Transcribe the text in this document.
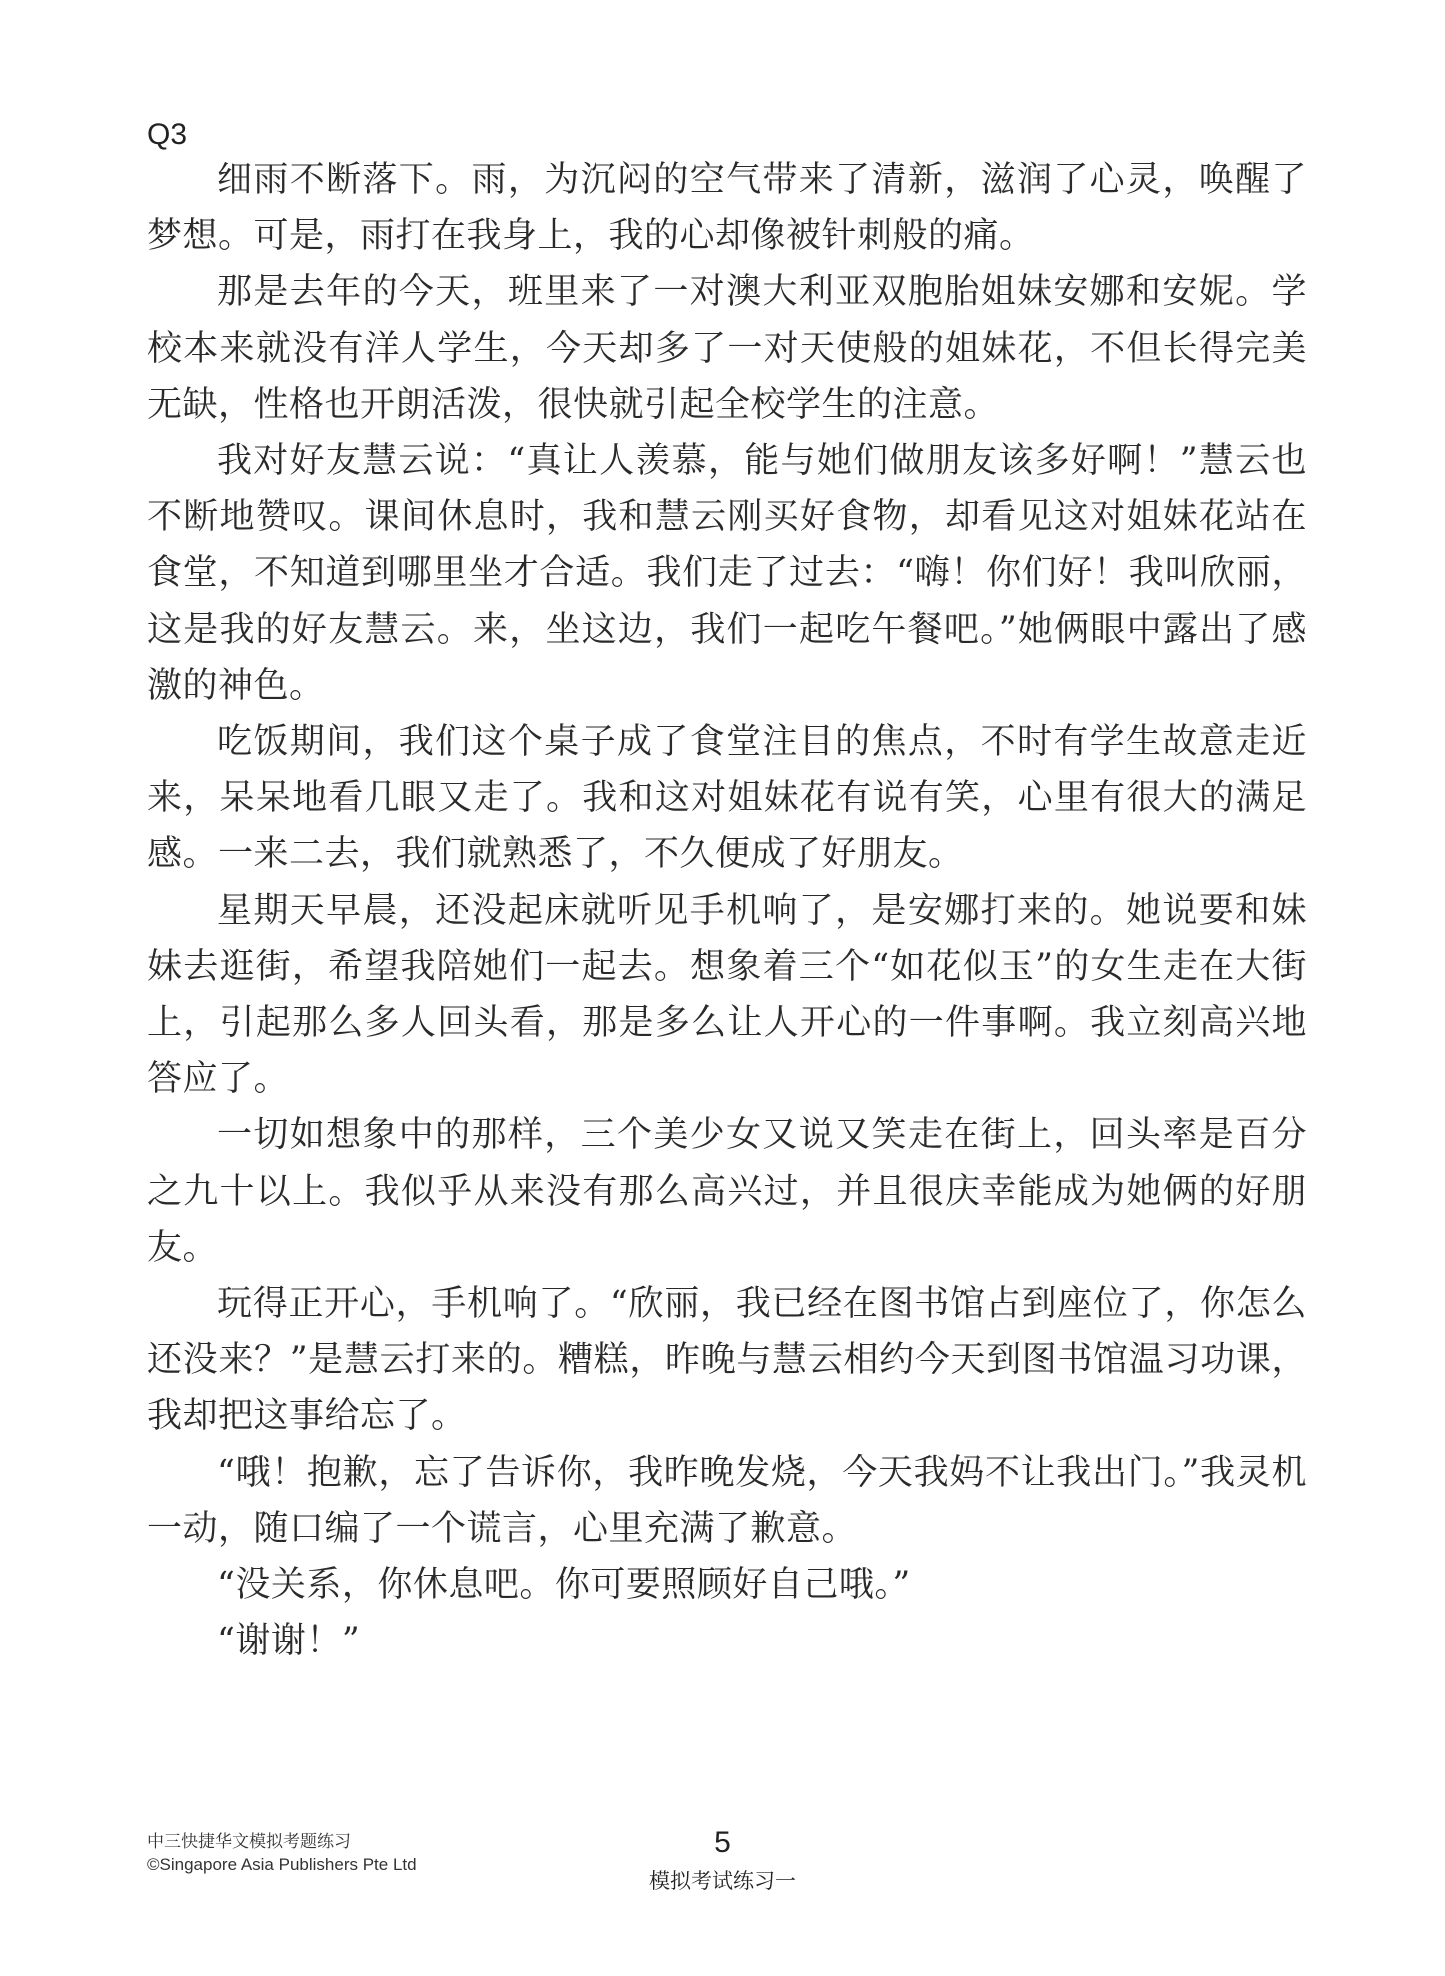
Q3

细雨不断落下。雨，为沉闷的空气带来了清新，滋润了心灵，唤醒了梦想。可是，雨打在我身上，我的心却像被针刺般的痛。

那是去年的今天，班里来了一对澳大利亚双胞胎姐妹安娜和安妮。学校本来就没有洋人学生，今天却多了一对天使般的姐妹花，不但长得完美无缺，性格也开朗活泼，很快就引起全校学生的注意。

我对好友慧云说：“真让人羡慕，能与她们做朋友该多好啊！”慧云也不断地赞叹。课间休息时，我和慧云刚买好食物，却看见这对姐妹花站在食堂，不知道到哪里坐才合适。我们走了过去：“嗨！你们好！我叫欣丽，这是我的好友慧云。来，坐这边，我们一起吃午餐吧。”她俩眼中露出了感激的神色。

吃饭期间，我们这个桌子成了食堂注目的焦点，不时有学生故意走近来，呆呆地看几眼又走了。我和这对姐妹花有说有笑，心里有很大的满足感。一来二去，我们就熟悉了，不久便成了好朋友。

星期天早晨，还没起床就听见手机响了，是安娜打来的。她说要和妹妹去逛街，希望我陪她们一起去。想象着三个“如花似玉”的女生走在大街上，引起那么多人回头看，那是多么让人开心的一件事啊。我立刻高兴地答应了。

一切如想象中的那样，三个美少女又说又笑走在街上，回头率是百分之九十以上。我似乎从来没有那么高兴过，并且很庆幸能成为她俩的好朋友。

玩得正开心，手机响了。“欣丽，我已经在图书馆占到座位了，你怎么还没来？”是慧云打来的。糟糕，昨晚与慧云相约今天到图书馆温习功课，我却把这事给忘了。

“哦！抱歉，忘了告诉你，我昨晚发烧，今天我妈不让我出门。”我灵机一动，随口编了一个谎言，心里充满了歉意。

“没关系，你休息吧。你可要照顾好自己哦。”

“谢谢！”

中三快捷华文模拟考题练习
©Singapore Asia Publishers Pte Ltd
5
模拟考试练习一
